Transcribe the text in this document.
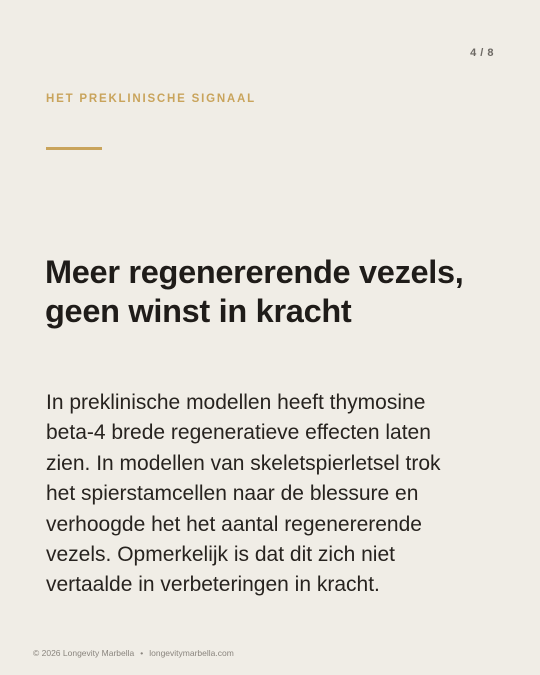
4 / 8
HET PREKLINISCHE SIGNAAL
Meer regenererende vezels,
geen winst in kracht

In preklinische modellen heeft thymosine
beta-4 brede regeneratieve effecten laten
zien. In modellen van skeletspierletsel trok
het spierstamcellen naar de blessure en
verhoogde het het aantal regenererende
vezels. Opmerkelijk is dat dit zich niet
vertaalde in verbeteringen in kracht.

© 2026 Longevity Marbella • longevitymarbella.com
